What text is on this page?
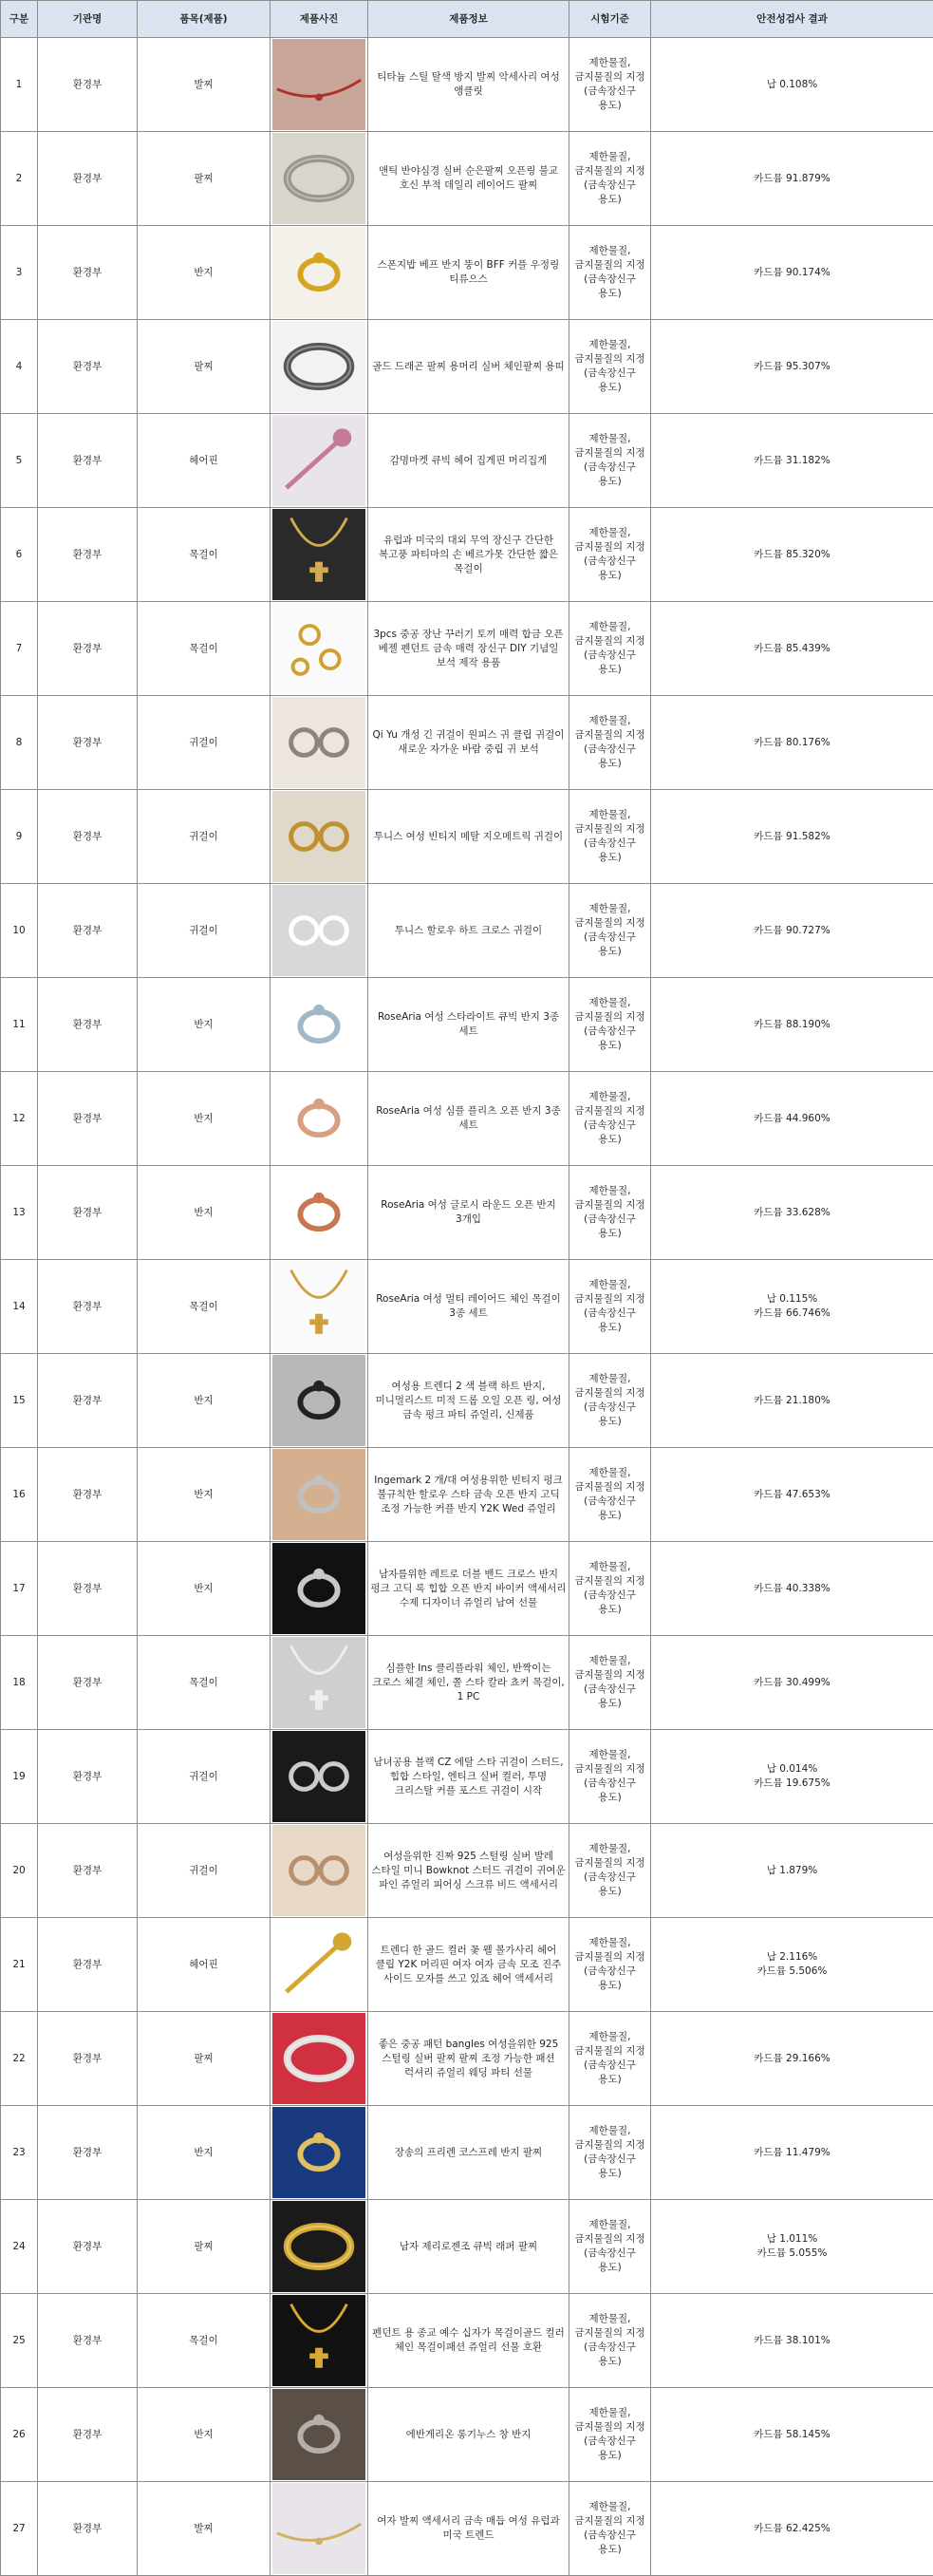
구분	기관명	품목(제품)	제품사진	제품정보	시험기준	안전성검사 결과
1	환경부	발찌		티타늄 스틸 탈색 방지 발찌 악세사리 여성 앵클릿	제한물질,금지물질의 지정(금속장신구 용도)	납 0.108%

2	환경부	팔찌		앤틱 반야심경 실버 순은팔찌 오픈링 불교 호신 부적 데일리 레이어드 팔찌	제한물질,금지물질의 지정(금속장신구 용도)	카드뮴 91.879%

3	환경부	반지		스폰지밥 베프 반지 뚱이 BFF 커플 우정링 티류으스	제한물질,금지물질의 지정(금속장신구 용도)	카드뮴 90.174%

4	환경부	팔찌		골드 드래곤 팔찌 용머리 실버 체인팔찌 용띠	제한물질,금지물질의 지정(금속장신구 용도)	카드뮴 95.307%

5	환경부	헤어핀		감명마켓 큐빅 헤어 집게핀 머리집게	제한물질,금지물질의 지정(금속장신구 용도)	카드뮴 31.182%

6	환경부	목걸이		유럽과 미국의 대외 무역 장신구 간단한 복고풍 파티마의 손 베르가못 간단한 짧은 목걸이	제한물질,금지물질의 지정(금속장신구 용도)	카드뮴 85.320%

7	환경부	목걸이		3pcs 중공 장난 꾸러기 토끼 매력 합금 오픈 베젤 펜던트 금속 매력 장신구 DIY 기념일 보석 제작 용품	제한물질,금지물질의 지정(금속장신구 용도)	카드뮴 85.439%

8	환경부	귀걸이		Qi Yu 개성 긴 귀걸이 원피스 귀 클립 귀걸이 새로운 자가운 바람 중립 귀 보석	제한물질,금지물질의 지정(금속장신구 용도)	카드뮴 80.176%

9	환경부	귀걸이		투니스 여성 빈티지 메탈 지오메트릭 귀걸이	제한물질,금지물질의 지정(금속장신구 용도)	카드뮴 91.582%

10	환경부	귀걸이		투니스 할로우 하트 크로스 귀걸이	제한물질,금지물질의 지정(금속장신구 용도)	카드뮴 90.727%

11	환경부	반지		RoseAria 여성 스타라이트 큐빅 반지 3종 세트	제한물질,금지물질의 지정(금속장신구 용도)	카드뮴 88.190%

12	환경부	반지		RoseAria 여성 심플 플리츠 오픈 반지 3종 세트	제한물질,금지물질의 지정(금속장신구 용도)	카드뮴 44.960%

13	환경부	반지		RoseAria 여성 글로시 라운드 오픈 반지 3개입	제한물질,금지물질의 지정(금속장신구 용도)	카드뮴 33.628%

14	환경부	목걸이		RoseAria 여성 멀티 레이어드 체인 목걸이 3종 세트	제한물질,금지물질의 지정(금속장신구 용도)	납 0.115%
카드뮴 66.746%

15	환경부	반지		여성용 트렌디 2 색 블랙 하트 반지, 미니멀리스트 미적 드롭 오일 오픈 링, 여성 금속 펑크 파티 쥬얼리, 신제품	제한물질,금지물질의 지정(금속장신구 용도)	카드뮴 21.180%

16	환경부	반지		Ingemark 2 개/대 여성용위한 빈티지 펑크 불규칙한 할로우 스타 금속 오픈 반지 고딕 조정 가능한 커플 반지 Y2K Wed 쥬얼리	제한물질,금지물질의 지정(금속장신구 용도)	카드뮴 47.653%

17	환경부	반지		남자를위한 레트로 더블 밴드 크로스 반지 펑크 고딕 록 힙합 오픈 반지 바이커 액세서리 수제 디자이너 쥬얼리 남여 선물	제한물질,금지물질의 지정(금속장신구 용도)	카드뮴 40.338%

18	환경부	목걸이		심플한 Ins 클리플라워 체인, 반짝이는 크로스 체결 체인, 쫄 스타 칼라 쵸커 목걸이, 1 PC	제한물질,금지물질의 지정(금속장신구 용도)	카드뮴 30.499%

19	환경부	귀걸이		남녀공용 블랙 CZ 에탈 스타 귀걸이 스터드, 힙합 스타일, 엔티크 실버 컬러, 투명 크리스탈 커플 포스트 귀걸이 시작	제한물질,금지물질의 지정(금속장신구 용도)	납 0.014%
카드뮴 19.675%

20	환경부	귀걸이		여성을위한 진짜 925 스털링 실버 발레 스타일 미니 Bowknot 스터드 귀걸이 귀여운 파인 쥬얼리 피어싱 스크류 비드 액세서리	제한물질,금지물질의 지정(금속장신구 용도)	납 1.879%

21	환경부	헤어핀		트렌디 한 골드 컬러 꽃 웰 볼가사리 헤어 클립 Y2K 머리핀 여자 여자 금속 모조 진주 사이드 모자를 쓰고 있죠 헤어 액세서리	제한물질,금지물질의 지정(금속장신구 용도)	납 2.116%
카드뮴 5.506%

22	환경부	팔찌		좋은 중공 패턴 bangles 여성을위한 925 스털링 실버 팔찌 팔찌 조정 가능한 패션 럭셔리 쥬얼리 웨딩 파티 선물	제한물질,금지물질의 지정(금속장신구 용도)	카드뮴 29.166%

23	환경부	반지		장송의 프리렌 코스프레 반지 팔찌	제한물질,금지물질의 지정(금속장신구 용도)	카드뮴 11.479%

24	환경부	팔찌		남자 제리로젠조 큐빅 래퍼 팔찌	제한물질,금지물질의 지정(금속장신구 용도)	납 1.011%
카드뮴 5.055%

25	환경부	목걸이		펜던트 용 종교 예수 십자가 목걸이골드 컬러 체인 목걸이패션 쥬얼리 선물 호환	제한물질,금지물질의 지정(금속장신구 용도)	카드뮴 38.101%

26	환경부	반지		에반게리온 롱기누스 창 반지	제한물질,금지물질의 지정(금속장신구 용도)	카드뮴 58.145%

27	환경부	발찌		여자 발찌 액세서리 금속 매듭 여성 유럽과 미국 트렌드	제한물질,금지물질의 지정(금속장신구 용도)	카드뮴 62.425%
